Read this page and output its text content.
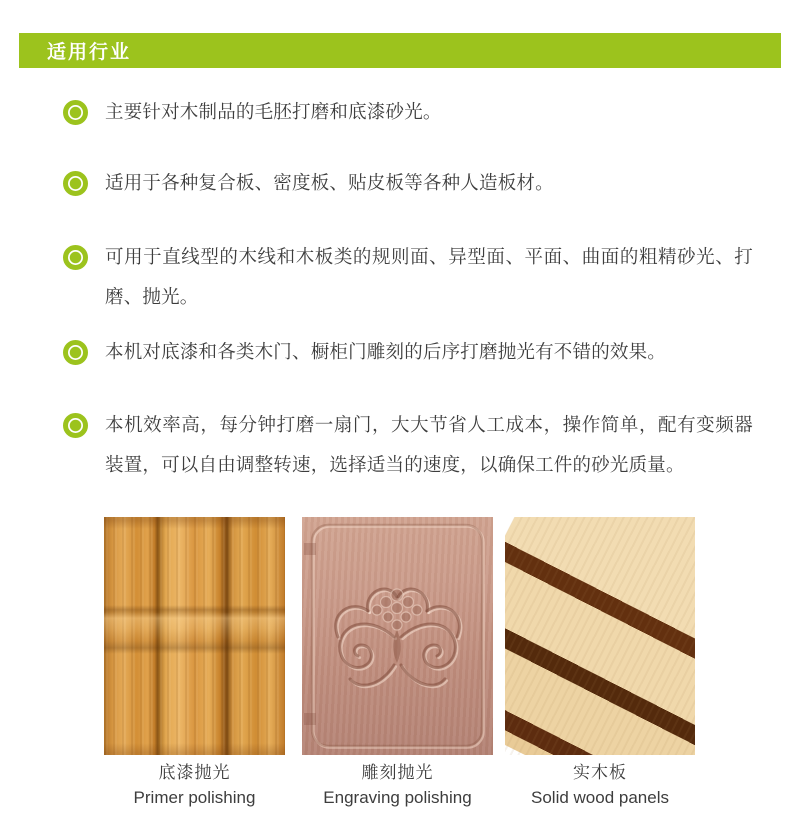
适用行业
主要针对木制品的毛胚打磨和底漆砂光。
适用于各种复合板、密度板、贴皮板等各种人造板材。
可用于直线型的木线和木板类的规则面、异型面、平面、曲面的粗精砂光、打磨、抛光。
本机对底漆和各类木门、橱柜门雕刻的后序打磨抛光有不错的效果。
本机效率高，每分钟打磨一扇门，大大节省人工成本，操作简单，配有变频器装置，可以自由调整转速，选择适当的速度，以确保工件的砂光质量。
底漆抛光
Primer polishing
雕刻抛光
Engraving polishing
实木板
Solid wood panels
